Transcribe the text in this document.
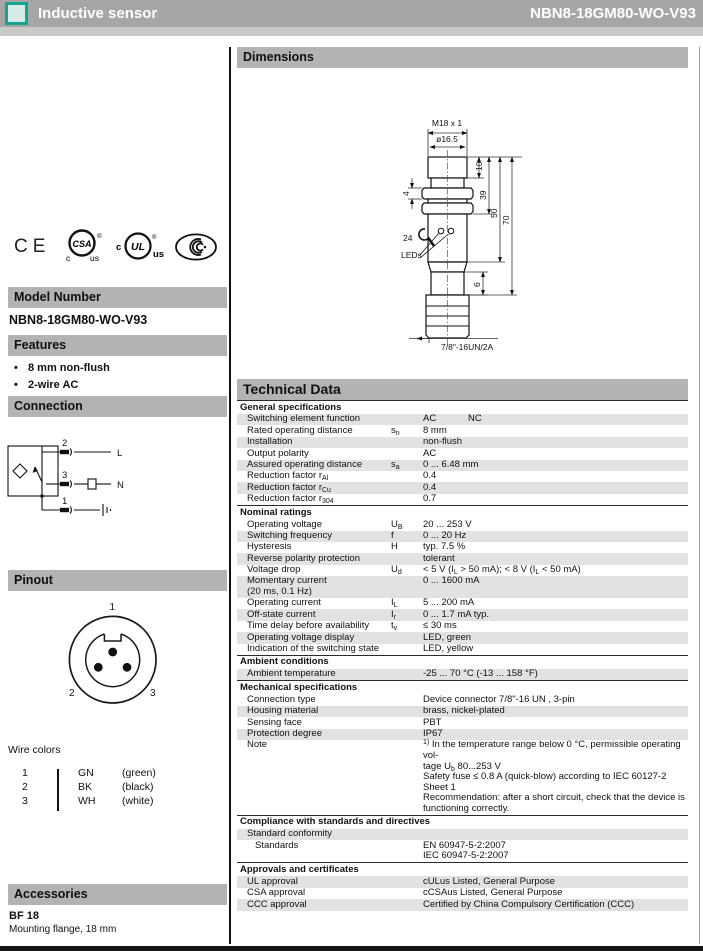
Inductive sensor	NBN8-18GM80-WO-V93
CE CSA
®
c us
c UL
us
®
Model Number
NBN8-18GM80-WO-V93
Features
• 8 mm non-flush
• 2-wire AC
Connection
2
3
1
L
N
Pinout
1
2	3
Wire colors
1	GN	(green)
2	BK	(black)
3	WH	(white)
Accessories
BF 18
Mounting flange, 18 mm
Dimensions
M18 x 1
ø16.5
10
39
50
70
4
6
24
LEDs
7/8"-16UN/2A
Technical Data
General specifications
Switching element function	AC	NC
Rated operating distance	$s_n$	8 mm
Installation	non-flush
Output polarity	AC
Assured operating distance	$s_a$	0 ... 6.48 mm
Reduction factor $r_{Al}$	0.4
Reduction factor $r_{Cu}$	0.4
Reduction factor $r_{304}$	0.7
Nominal ratings
Operating voltage	$U_B$	20 ... 253 V
Switching frequency	f	0 ... 20 Hz
Hysteresis	H	typ. 7.5 %
Reverse polarity protection	tolerant
Voltage drop	$U_d$	< 5 V ($I_L > 50$ mA); < 8 V ($I_L < 50$ mA)
Momentary current
(20 ms, 0.1 Hz)
0 ... 1600 mA
Operating current	$I_L$	5 ... 200 mA
Off-state current	$I_r$	0 ... 1.7 mA typ.
Time delay before availability	$t_v$	≤ 30 ms
Operating voltage display	LED, green
Indication of the switching state	LED, yellow
Ambient conditions
Ambient temperature	-25 ... 70 °C (-13 ... 158 °F)
Mechanical specifications
Connection type	Device connector 7/8"-16 UN , 3-pin
Housing material	brass, nickel-plated
Sensing face	PBT
Protection degree	IP67
Note	$^{1)}$ In the temperature range below 0 °C, permissible operating vol-
tage $U_b$ 80...253 V
Safety fuse ≤ 0.8 A (quick-blow) according to IEC 60127-2 Sheet 1
Recommendation: after a short circuit, check that the device is
functioning correctly.
Compliance with standards and directives
Standard conformity
Standards	EN 60947-5-2:2007
IEC 60947-5-2:2007
Approvals and certificates
UL approval	cULus Listed, General Purpose
CSA approval	cCSAus Listed, General Purpose
CCC approval	Certified by China Compulsory Certification (CCC)
